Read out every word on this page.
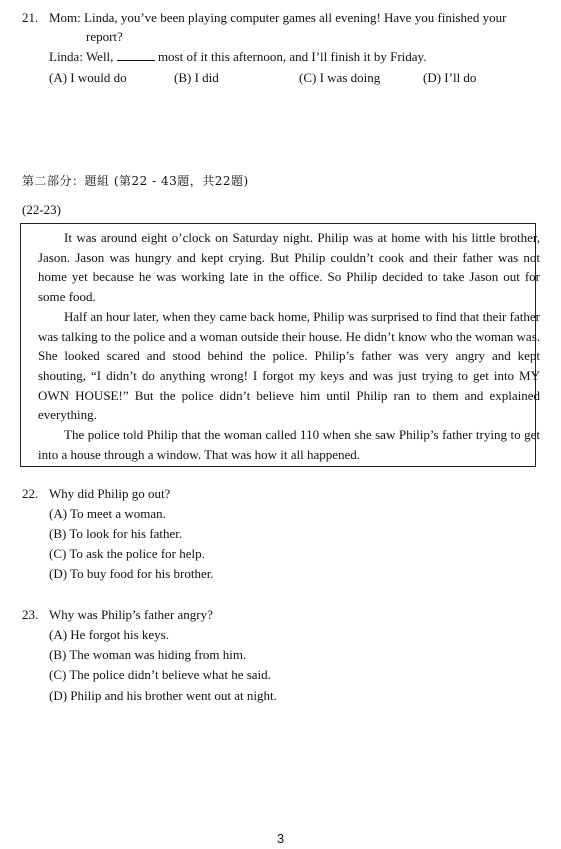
21. Mom: Linda, you’ve been playing computer games all evening! Have you finished your
report?
Linda: Well,	most of it this afternoon, and I’ll finish it by Friday.
(A) I would do	(B) I did	(C) I was doing	(D) I’ll do
第二部分：題組 (第22 - 43題，共22題)
(22-23)

It was around eight o’clock on Saturday night. Philip was at home with his little brother, Jason. Jason was hungry and kept crying. But Philip couldn’t cook and their father was not home yet because he was working late in the office. So Philip decided to take Jason out for some food.

Half an hour later, when they came back home, Philip was surprised to find that their father was talking to the police and a woman outside their house. He didn’t know who the woman was. She looked scared and stood behind the police. Philip’s father was very angry and kept shouting, “I didn’t do anything wrong! I forgot my keys and was just trying to get into MY OWN HOUSE!” But the police didn’t believe him until Philip ran to them and explained everything.

The police told Philip that the woman called 110 when she saw Philip’s father trying to get into a house through a window. That was how it all happened.

22. Why did Philip go out?
(A) To meet a woman.
(B) To look for his father.
(C) To ask the police for help.
(D) To buy food for his brother.
23. Why was Philip’s father angry?
(A) He forgot his keys.
(B) The woman was hiding from him.
(C) The police didn’t believe what he said.
(D) Philip and his brother went out at night.
3
